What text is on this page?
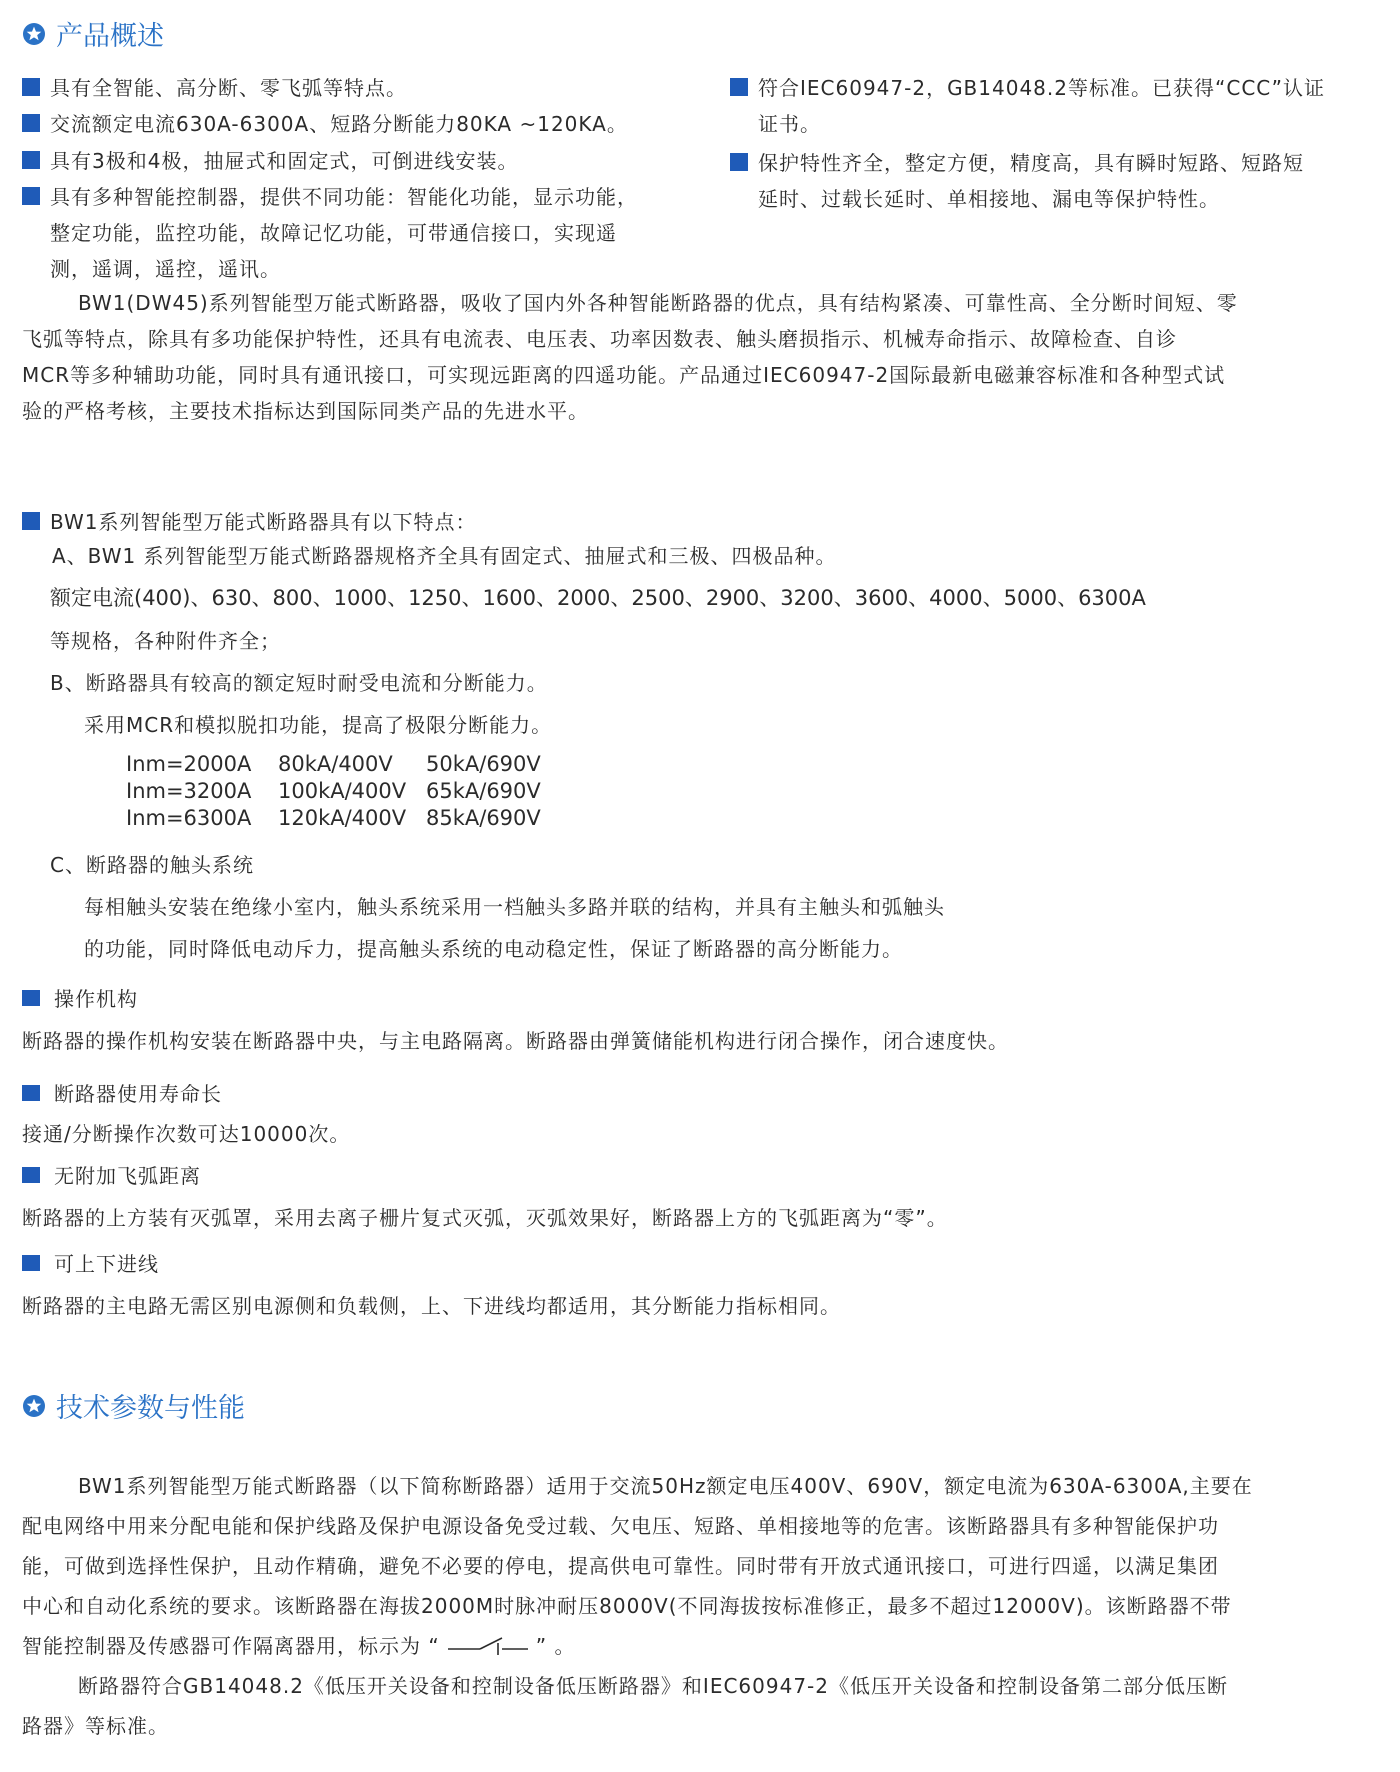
产品概述
具有全智能、高分断、零飞弧等特点。
交流额定电流630A-6300A、短路分断能力80KA ~120KA。
具有3极和4极，抽屉式和固定式，可倒进线安装。
具有多种智能控制器，提供不同功能：智能化功能，显示功能，
整定功能，监控功能，故障记忆功能，可带通信接口，实现遥
测，遥调，遥控，遥讯。
符合IEC60947-2，GB14048.2等标准。已获得“CCC”认证
证书。
保护特性齐全，整定方便，精度高，具有瞬时短路、短路短
延时、过载长延时、单相接地、漏电等保护特性。
BW1(DW45)系列智能型万能式断路器，吸收了国内外各种智能断路器的优点，具有结构紧凑、可靠性高、全分断时间短、零
飞弧等特点，除具有多功能保护特性，还具有电流表、电压表、功率因数表、触头磨损指示、机械寿命指示、故障检查、自诊
MCR等多种辅助功能，同时具有通讯接口，可实现远距离的四遥功能。产品通过IEC60947-2国际最新电磁兼容标准和各种型式试
验的严格考核，主要技术指标达到国际同类产品的先进水平。
BW1系列智能型万能式断路器具有以下特点：
A、BW1 系列智能型万能式断路器规格齐全具有固定式、抽屉式和三极、四极品种。
额定电流(400)、630、800、1000、1250、1600、2000、2500、2900、3200、3600、4000、5000、6300A
等规格，各种附件齐全；
B、断路器具有较高的额定短时耐受电流和分断能力。
采用MCR和模拟脱扣功能，提高了极限分断能力。
Inm=2000A	80kA/400V	50kA/690V
Inm=3200A	100kA/400V 65kA/690V
Inm=6300A	120kA/400V 85kA/690V
C、断路器的触头系统
每相触头安装在绝缘小室内，触头系统采用一档触头多路并联的结构，并具有主触头和弧触头
的功能，同时降低电动斥力，提高触头系统的电动稳定性，保证了断路器的高分断能力。
操作机构
断路器的操作机构安装在断路器中央，与主电路隔离。断路器由弹簧储能机构进行闭合操作，闭合速度快。
断路器使用寿命长
接通/分断操作次数可达10000次。
无附加飞弧距离
断路器的上方装有灭弧罩，采用去离子栅片复式灭弧，灭弧效果好，断路器上方的飞弧距离为“零”。
可上下进线
断路器的主电路无需区别电源侧和负载侧，上、下进线均都适用，其分断能力指标相同。
技术参数与性能
BW1系列智能型万能式断路器（以下简称断路器）适用于交流50Hz额定电压400V、690V，额定电流为630A-6300A,主要在
配电网络中用来分配电能和保护线路及保护电源设备免受过载、欠电压、短路、单相接地等的危害。该断路器具有多种智能保护功
能，可做到选择性保护，且动作精确，避免不必要的停电，提高供电可靠性。同时带有开放式通讯接口，可进行四遥，以满足集团
中心和自动化系统的要求。该断路器在海拔2000M时脉冲耐压8000V(不同海拔按标准修正，最多不超过12000V)。该断路器不带
智能控制器及传感器可作隔离器用，标示为 “	” 。
断路器符合GB14048.2《低压开关设备和控制设备低压断路器》和IEC60947-2《低压开关设备和控制设备第二部分低压断
路器》等标准。
